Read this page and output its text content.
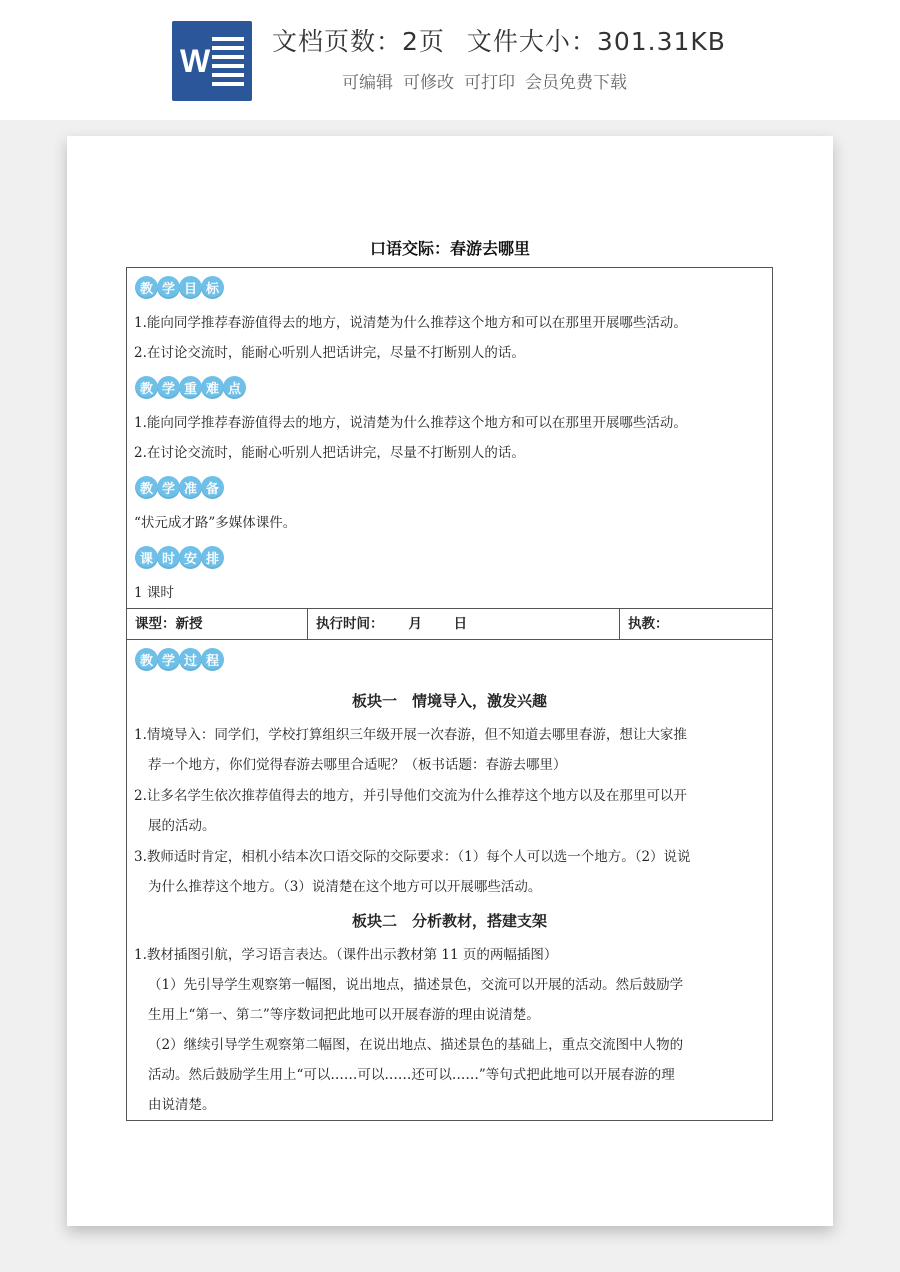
W
文档页数：2页 文件大小：301.31KB
可编辑 可修改 可打印 会员免费下载
口语交际：春游去哪里
教 学 目 标
1.能向同学推荐春游值得去的地方，说清楚为什么推荐这个地方和可以在那里开展哪些活动。
2.在讨论交流时，能耐心听别人把话讲完，尽量不打断别人的话。
教 学 重 难 点
1.能向同学推荐春游值得去的地方，说清楚为什么推荐这个地方和可以在那里开展哪些活动。
2.在讨论交流时，能耐心听别人把话讲完，尽量不打断别人的话。
教 学 准 备
“状元成才路”多媒体课件。
课 时 安 排
1 课时
课型：新授	执行时间：　　 月　　 日	执教：
教 学 过 程
板块一　情境导入，激发兴趣
1.情境导入：同学们，学校打算组织三年级开展一次春游，但不知道去哪里春游，想让大家推
荐一个地方，你们觉得春游去哪里合适呢？（板书话题：春游去哪里）
2.让多名学生依次推荐值得去的地方，并引导他们交流为什么推荐这个地方以及在那里可以开
展的活动。
3.教师适时肯定，相机小结本次口语交际的交际要求：（1）每个人可以选一个地方。（2）说说
为什么推荐这个地方。（3）说清楚在这个地方可以开展哪些活动。
板块二　分析教材，搭建支架
1.教材插图引航，学习语言表达。（课件出示教材第 11 页的两幅插图）
（1）先引导学生观察第一幅图，说出地点，描述景色，交流可以开展的活动。然后鼓励学
生用上“第一、第二”等序数词把此地可以开展春游的理由说清楚。
（2）继续引导学生观察第二幅图，在说出地点、描述景色的基础上，重点交流图中人物的
活动。然后鼓励学生用上“可以……可以……还可以……”等句式把此地可以开展春游的理
由说清楚。
